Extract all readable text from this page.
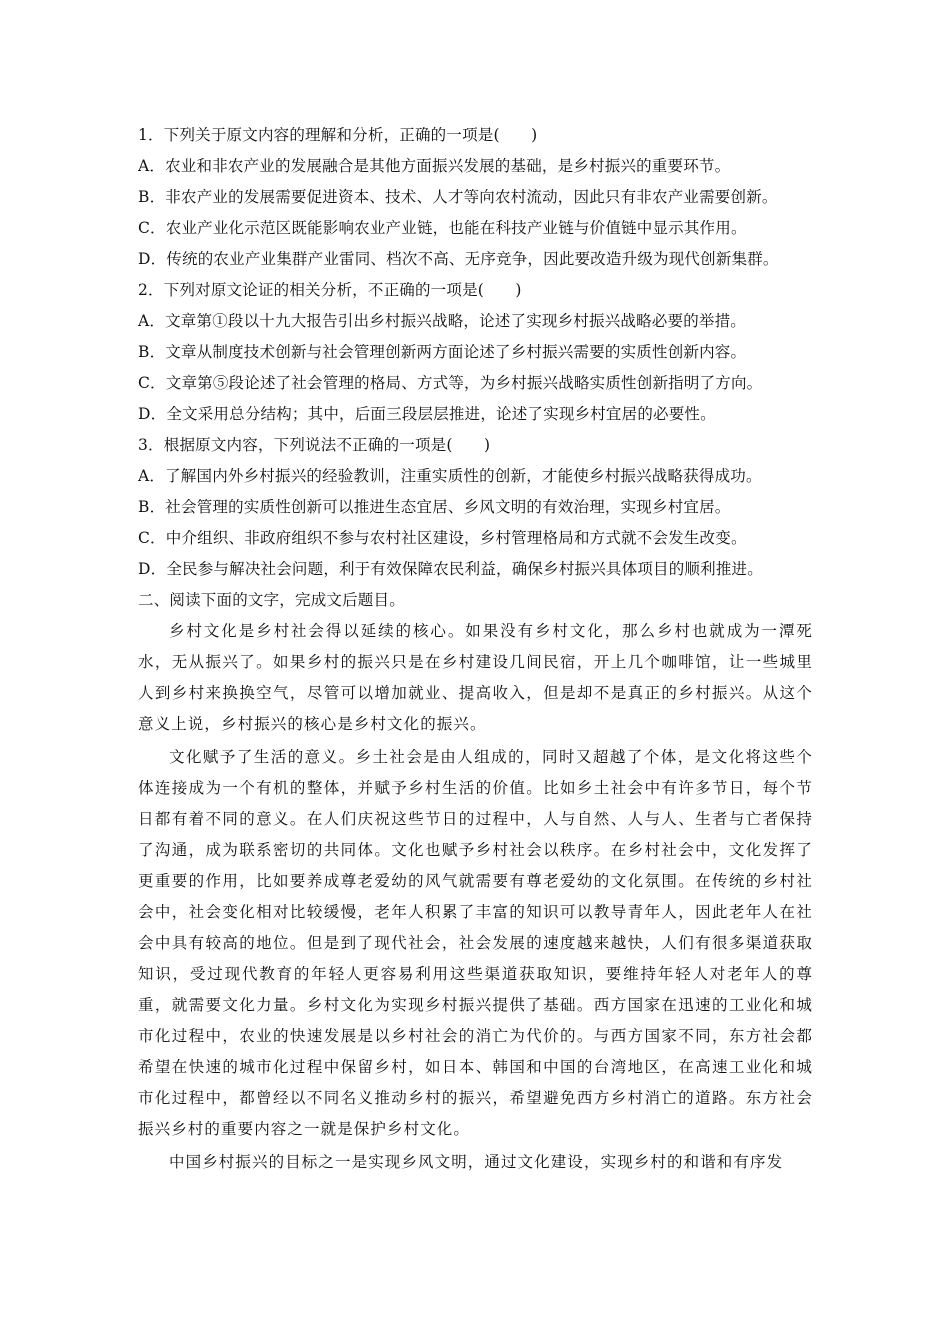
1．下列关于原文内容的理解和分析，正确的一项是(　　)
A．农业和非农产业的发展融合是其他方面振兴发展的基础，是乡村振兴的重要环节。
B．非农产业的发展需要促进资本、技术、人才等向农村流动，因此只有非农产业需要创新。
C．农业产业化示范区既能影响农业产业链，也能在科技产业链与价值链中显示其作用。
D．传统的农业产业集群产业雷同、档次不高、无序竞争，因此要改造升级为现代创新集群。
2．下列对原文论证的相关分析，不正确的一项是(　　)
A．文章第①段以十九大报告引出乡村振兴战略，论述了实现乡村振兴战略必要的举措。
B．文章从制度技术创新与社会管理创新两方面论述了乡村振兴需要的实质性创新内容。
C．文章第⑤段论述了社会管理的格局、方式等，为乡村振兴战略实质性创新指明了方向。
D．全文采用总分结构；其中，后面三段层层推进，论述了实现乡村宜居的必要性。
3．根据原文内容，下列说法不正确的一项是(　　)
A．了解国内外乡村振兴的经验教训，注重实质性的创新，才能使乡村振兴战略获得成功。
B．社会管理的实质性创新可以推进生态宜居、乡风文明的有效治理，实现乡村宜居。
C．中介组织、非政府组织不参与农村社区建设，乡村管理格局和方式就不会发生改变。
D．全民参与解决社会问题，利于有效保障农民利益，确保乡村振兴具体项目的顺利推进。
二、阅读下面的文字，完成文后题目。

乡村文化是乡村社会得以延续的核心。如果没有乡村文化，那么乡村也就成为一潭死水，无从振兴了。如果乡村的振兴只是在乡村建设几间民宿，开上几个咖啡馆，让一些城里人到乡村来换换空气，尽管可以增加就业、提高收入，但是却不是真正的乡村振兴。从这个意义上说，乡村振兴的核心是乡村文化的振兴。

文化赋予了生活的意义。乡土社会是由人组成的，同时又超越了个体，是文化将这些个体连接成为一个有机的整体，并赋予乡村生活的价值。比如乡土社会中有许多节日，每个节日都有着不同的意义。在人们庆祝这些节日的过程中，人与自然、人与人、生者与亡者保持了沟通，成为联系密切的共同体。文化也赋予乡村社会以秩序。在乡村社会中，文化发挥了更重要的作用，比如要养成尊老爱幼的风气就需要有尊老爱幼的文化氛围。在传统的乡村社会中，社会变化相对比较缓慢，老年人积累了丰富的知识可以教导青年人，因此老年人在社会中具有较高的地位。但是到了现代社会，社会发展的速度越来越快，人们有很多渠道获取知识，受过现代教育的年轻人更容易利用这些渠道获取知识，要维持年轻人对老年人的尊重，就需要文化力量。乡村文化为实现乡村振兴提供了基础。西方国家在迅速的工业化和城市化过程中，农业的快速发展是以乡村社会的消亡为代价的。与西方国家不同，东方社会都希望在快速的城市化过程中保留乡村，如日本、韩国和中国的台湾地区，在高速工业化和城市化过程中，都曾经以不同名义推动乡村的振兴，希望避免西方乡村消亡的道路。东方社会振兴乡村的重要内容之一就是保护乡村文化。

中国乡村振兴的目标之一是实现乡风文明，通过文化建设，实现乡村的和谐和有序发
